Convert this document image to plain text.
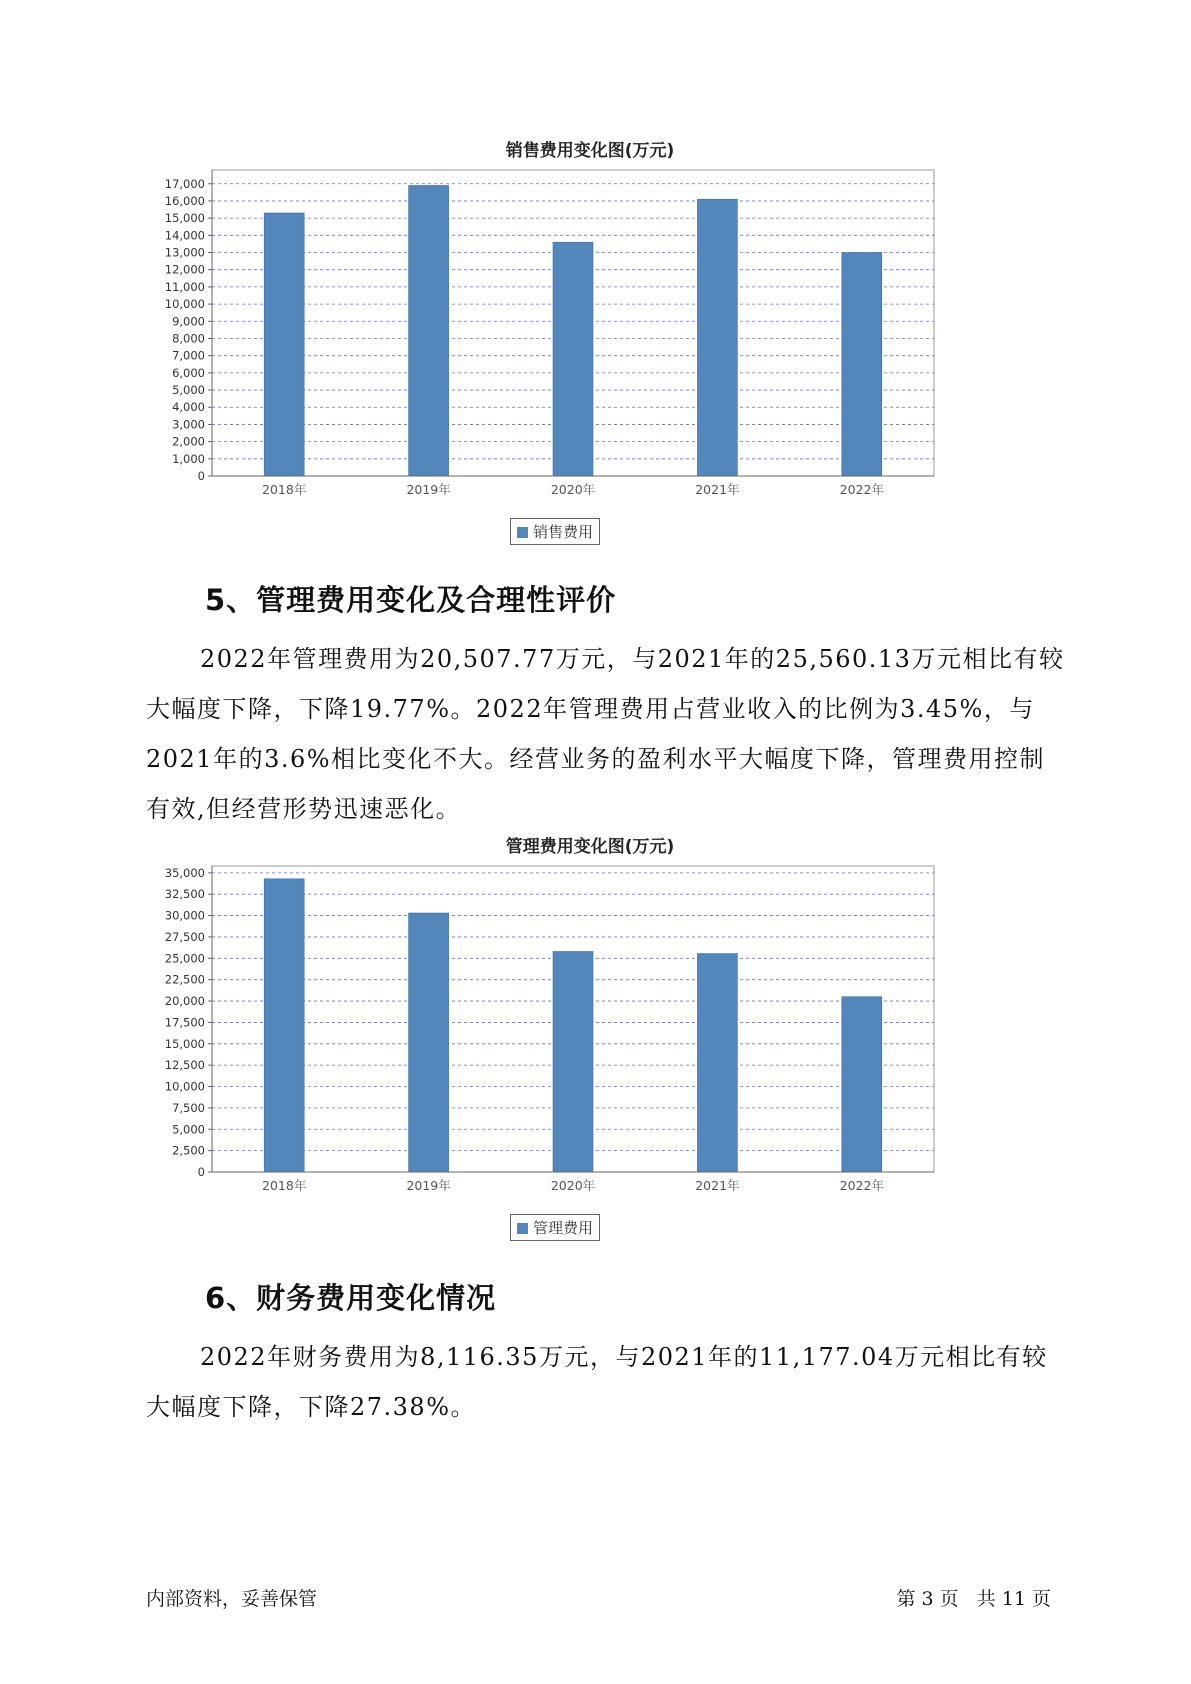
销售费用变化图(万元)
0
1,000
2,000
3,000
4,000
5,000
6,000
7,000
8,000
9,000
10,000
11,000
12,000
13,000
14,000
15,000
16,000
17,000
2018年	2019年	2020年	2021年	2022年
销售费用
5、管理费用变化及合理性评价

2022年管理费用为20,507.77万元，与2021年的25,560.13万元相比有较大幅度下降，下降19.77%。2022年管理费用占营业收入的比例为3.45%，与2021年的3.6%相比变化不大。经营业务的盈利水平大幅度下降，管理费用控制有效,但经营形势迅速恶化。

管理费用变化图(万元)
0
2,500
5,000
7,500
10,000
12,500
15,000
17,500
20,000
22,500
25,000
27,500
30,000
32,500
35,000
2018年	2019年	2020年	2021年	2022年
管理费用
6、财务费用变化情况

2022年财务费用为8,116.35万元，与2021年的11,177.04万元相比有较大幅度下降，下降27.38%。

内部资料，妥善保管	第 3 页   共 11 页
